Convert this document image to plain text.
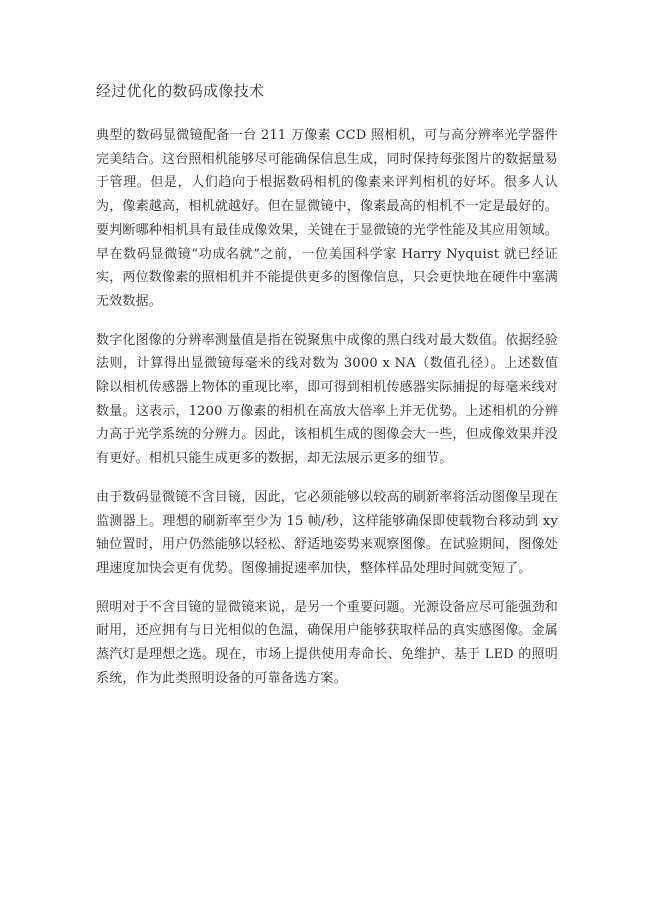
经过优化的数码成像技术

典型的数码显微镜配备一台 211 万像素 CCD 照相机，可与高分辨率光学器件完美结合。这台照相机能够尽可能确保信息生成，同时保持每张图片的数据量易于管理。但是，人们趋向于根据数码相机的像素来评判相机的好坏。很多人认为，像素越高，相机就越好。但在显微镜中，像素最高的相机不一定是最好的。要判断哪种相机具有最佳成像效果，关键在于显微镜的光学性能及其应用领域。早在数码显微镜“功成名就”之前，一位美国科学家 Harry Nyquist 就已经证实，两位数像素的照相机并不能提供更多的图像信息，只会更快地在硬件中塞满无效数据。

数字化图像的分辨率测量值是指在锐聚焦中成像的黑白线对最大数值。依据经验法则，计算得出显微镜每毫米的线对数为 3000 x NA（数值孔径）。上述数值除以相机传感器上物体的重现比率，即可得到相机传感器实际捕捉的每毫米线对数量。这表示，1200 万像素的相机在高放大倍率上并无优势。上述相机的分辨力高于光学系统的分辨力。因此，该相机生成的图像会大一些，但成像效果并没有更好。相机只能生成更多的数据，却无法展示更多的细节。

由于数码显微镜不含目镜，因此，它必须能够以较高的刷新率将活动图像呈现在监测器上。理想的刷新率至少为 15 帧/秒，这样能够确保即使载物台移动到 xy 轴位置时，用户仍然能够以轻松、舒适地姿势来观察图像。在试验期间，图像处理速度加快会更有优势。图像捕捉速率加快，整体样品处理时间就变短了。

照明对于不含目镜的显微镜来说，是另一个重要问题。光源设备应尽可能强劲和耐用，还应拥有与日光相似的色温，确保用户能够获取样品的真实感图像。金属蒸汽灯是理想之选。现在，市场上提供使用寿命长、免维护、基于 LED 的照明系统，作为此类照明设备的可靠备选方案。
